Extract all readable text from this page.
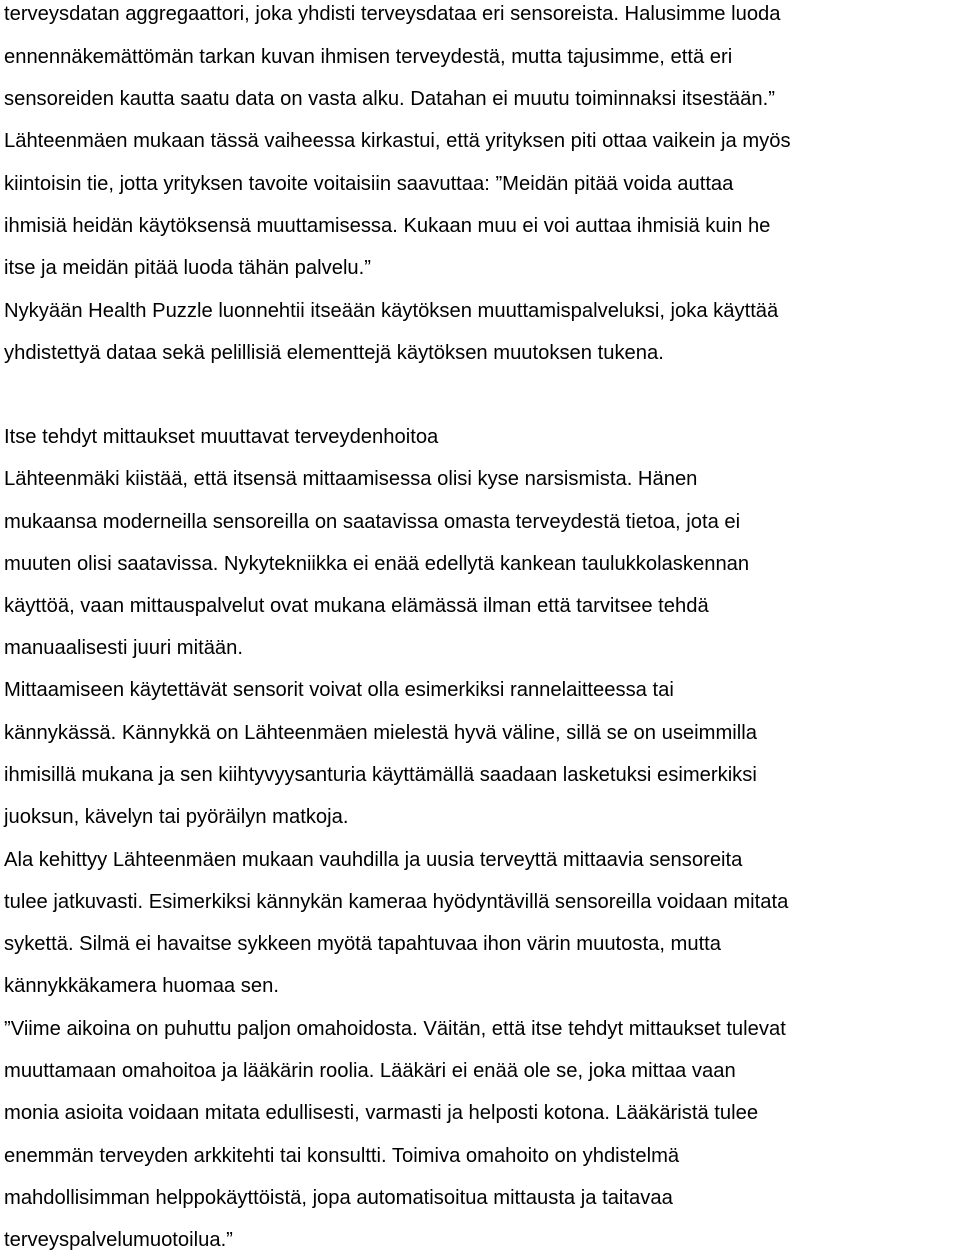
terveysdatan aggregaattori, joka yhdisti terveysdataa eri sensoreista. Halusimme luoda
ennennäkemättömän tarkan kuvan ihmisen terveydestä, mutta tajusimme, että eri
sensoreiden kautta saatu data on vasta alku. Datahan ei muutu toiminnaksi itsestään.”
Lähteenmäen mukaan tässä vaiheessa kirkastui, että yrityksen piti ottaa vaikein ja myös
kiintoisin tie, jotta yrityksen tavoite voitaisiin saavuttaa: ”Meidän pitää voida auttaa
ihmisiä heidän käytöksensä muuttamisessa. Kukaan muu ei voi auttaa ihmisiä kuin he
itse ja meidän pitää luoda tähän palvelu.”
Nykyään Health Puzzle luonnehtii itseään käytöksen muuttamispalveluksi, joka käyttää
yhdistettyä dataa sekä pelillisiä elementtejä käytöksen muutoksen tukena.
Itse tehdyt mittaukset muuttavat terveydenhoitoa
Lähteenmäki kiistää, että itsensä mittaamisessa olisi kyse narsismista. Hänen
mukaansa moderneilla sensoreilla on saatavissa omasta terveydestä tietoa, jota ei
muuten olisi saatavissa. Nykytekniikka ei enää edellytä kankean taulukkolaskennan
käyttöä, vaan mittauspalvelut ovat mukana elämässä ilman että tarvitsee tehdä
manuaalisesti juuri mitään.
Mittaamiseen käytettävät sensorit voivat olla esimerkiksi rannelaitteessa tai
kännykässä. Kännykkä on Lähteenmäen mielestä hyvä väline, sillä se on useimmilla
ihmisillä mukana ja sen kiihtyvyysanturia käyttämällä saadaan lasketuksi esimerkiksi
juoksun, kävelyn tai pyöräilyn matkoja.
Ala kehittyy Lähteenmäen mukaan vauhdilla ja uusia terveyttä mittaavia sensoreita
tulee jatkuvasti. Esimerkiksi kännykän kameraa hyödyntävillä sensoreilla voidaan mitata
sykettä. Silmä ei havaitse sykkeen myötä tapahtuvaa ihon värin muutosta, mutta
kännykkäkamera huomaa sen.
”Viime aikoina on puhuttu paljon omahoidosta. Väitän, että itse tehdyt mittaukset tulevat
muuttamaan omahoitoa ja lääkärin roolia. Lääkäri ei enää ole se, joka mittaa vaan
monia asioita voidaan mitata edullisesti, varmasti ja helposti kotona. Lääkäristä tulee
enemmän terveyden arkkitehti tai konsultti. Toimiva omahoito on yhdistelmä
mahdollisimman helppokäyttöistä, jopa automatisoitua mittausta ja taitavaa
terveyspalvelumuotoilua.”
